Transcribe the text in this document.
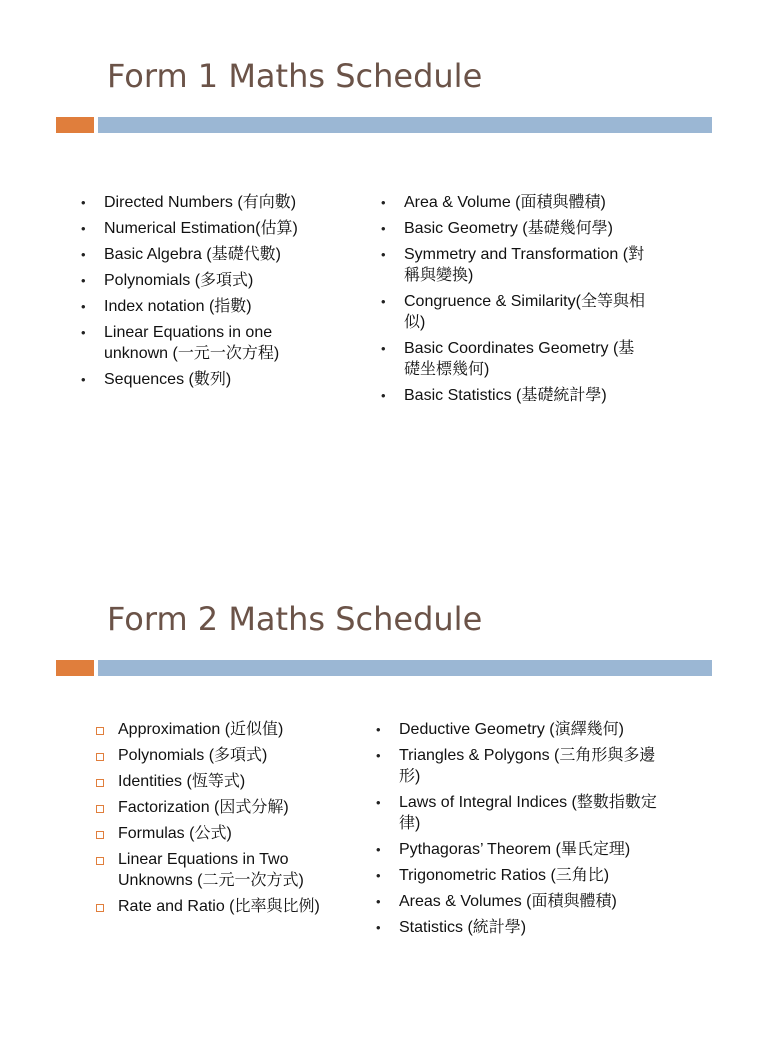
Form 1 Maths Schedule
• Directed Numbers (有向數)
• Numerical Estimation(估算)
• Basic Algebra (基礎代數)
• Polynomials (多項式)
• Index notation (指數)
• Linear Equations in one unknown (一元一次方程)
• Sequences (數列)
• Area & Volume (面積與體積)
• Basic Geometry (基礎幾何學)
• Symmetry and Transformation (對稱與變換)
• Congruence & Similarity(全等與相似)
• Basic Coordinates Geometry (基礎坐標幾何)
• Basic Statistics (基礎統計學)
Form 2 Maths Schedule
Approximation (近似值)
Polynomials (多項式)
Identities (恆等式)
Factorization (因式分解)
Formulas (公式)
Linear Equations in Two Unknowns (二元一次方式)
Rate and Ratio (比率與比例)
• Deductive Geometry (演繹幾何)
• Triangles & Polygons (三角形與多邊形)
• Laws of Integral Indices (整數指數定律)
• Pythagoras’ Theorem (畢氏定理)
• Trigonometric Ratios (三角比)
• Areas & Volumes (面積與體積)
• Statistics (統計學)
